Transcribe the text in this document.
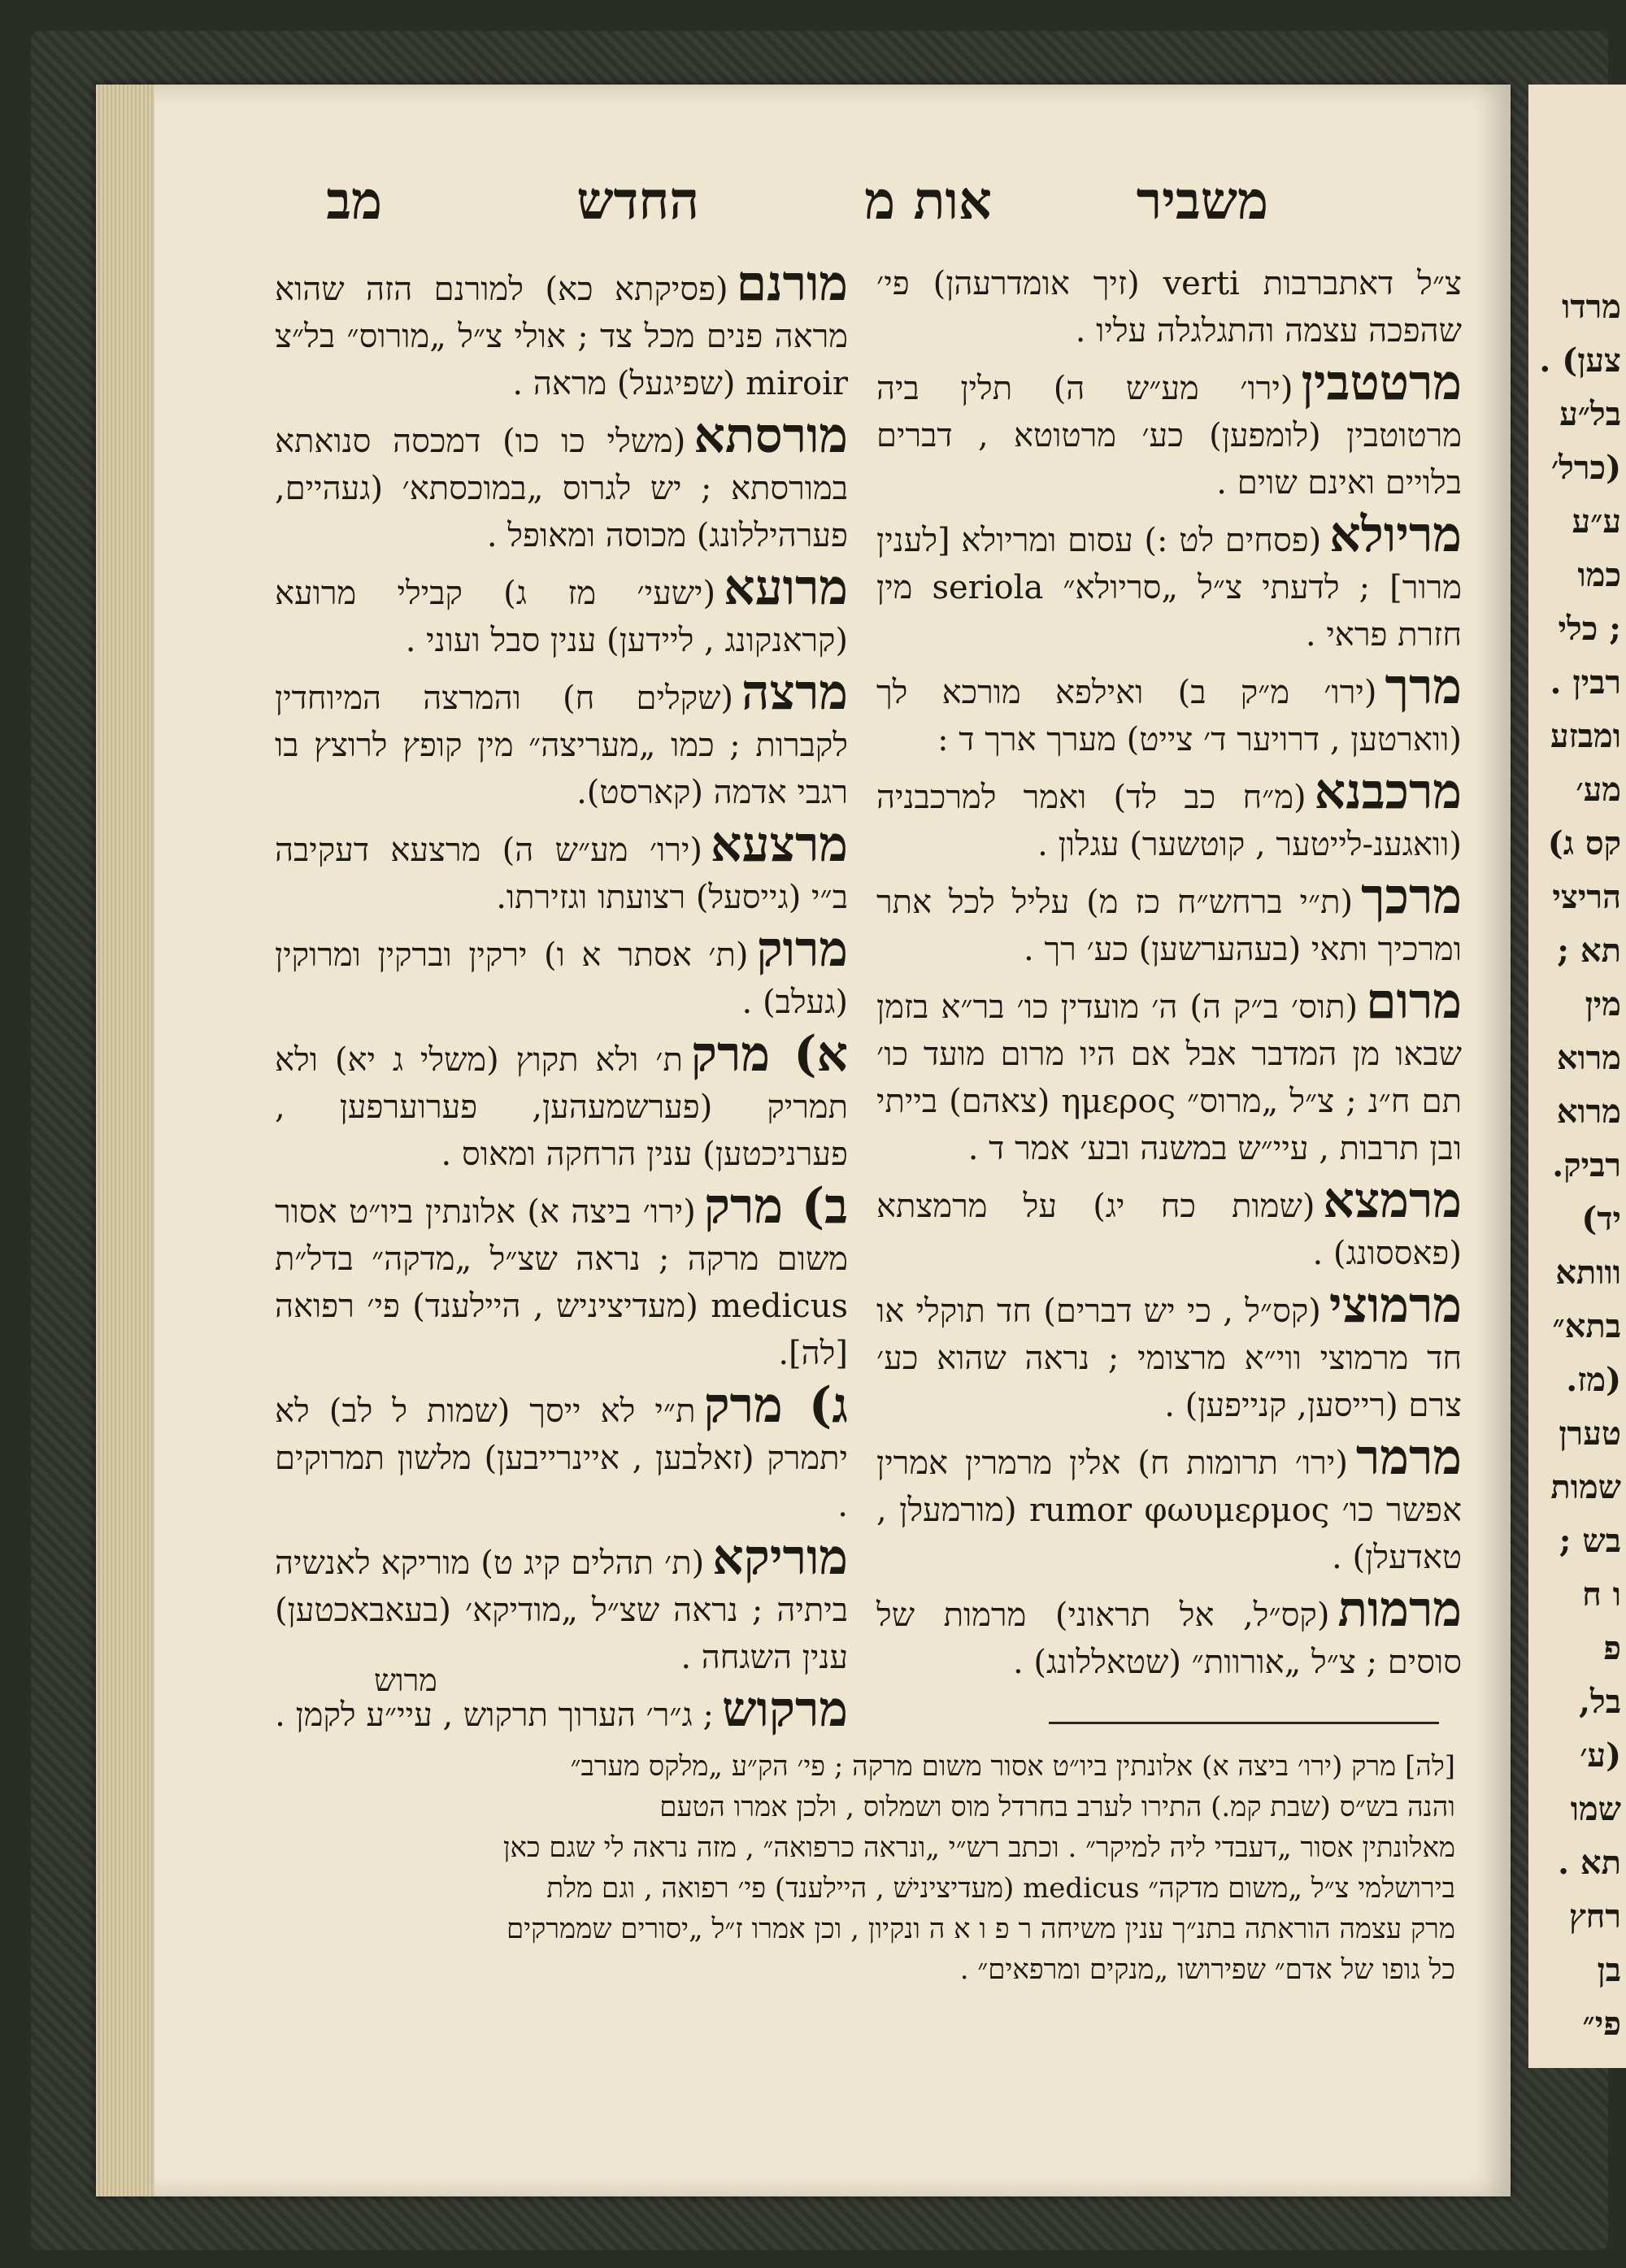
מרדו
צען) .
בל״ע
(כרל׳
ע״ע
כמו
; כלי
רבין .
ומבזע
מע׳
קס ג)
הריצי
תא ;
מין
מרוא
מרוא
רביק.
יד)
ווותא
בתא״
(מז.
טערן
שמות
בש ;
ו ח
פ
בל,
(ע׳
שמו
תא .
רחץ
בן
פי״
משביר
אות מ
החדש
מב
צ״ל דאתברבות verti (זיך אומדרעהן) פי׳ שהפכה עצמה והתגלגלה עליו .
מרטטבין(ירו׳ מע״ש ה) תלין ביה מרטוטבין (לומפען) כע׳ מרטוטא , דברים בלויים ואינם שוים .
מריולא(פסחים לט :) עסום ומריולא [לענין מרור] ; לדעתי צ״ל „סריולא״ seriola מין חזרת פראי .
מרך(ירו׳ מ״ק ב) ואילפא מורכא לך (ווארטען , דרויער ד׳ צייט) מערך ארך ד :
מרכבנא(מ״ח כב לד) ואמר למרכבניה (וואגענ-לייטער , קוטשער) עגלון .
מרכך(ת״י ברחש״ח כז מ) עליל לכל אתר ומרכיך ותאי (בעהערשען) כע׳ רך .
מרום(תוס׳ ב״ק ה) ה׳ מועדין כו׳ בר״א בזמן שבאו מן המדבר אבל אם היו מרום מועד כו׳ תם ח״נ ; צ״ל „מרוס״ ημερος (צאהם) בייתי ובן תרבות , עיי״ש במשנה ובע׳ אמר ד .
מרמצא(שמות כח יג) על מרמצתא (פאססונג) .
מרמוצי(קס״ל , כי יש דברים) חד תוקלי או חד מרמוצי ווי״א מרצומי ; נראה שהוא כע׳ צרם (רייסען, קנייפען) .
מרמר(ירו׳ תרומות ח) אלין מרמרין אמרין אפשר כו׳ rumor φωυμερμος (מורמעלן , טאדעלן) .
מרמות(קס״ל, אל תראוני) מרמות של סוסים ; צ״ל „אורוות״ (שטאללונג) .
מורנם(פסיקתא כא) למורנם הזה שהוא מראה פנים מכל צד ; אולי צ״ל „מורוס״ בל״צ miroir (שפיגעל) מראה .
מורסתא(משלי כו כו) דמכסה סנואתא במורסתא ; יש לגרוס „במוכסתא׳ (געהיים, פערהיללונג) מכוסה ומאופל .
מרועא(ישעי׳ מז ג) קבילי מרועא (קראנקונג , ליידען) ענין סבל ועוני .
מרצה(שקלים ח) והמרצה המיוחדין לקברות ; כמו „מעריצה״ מין קופץ לרוצץ בו רגבי אדמה (קארסט).
מרצעא(ירו׳ מע״ש ה) מרצעא דעקיבה ב״י (גייסעל) רצועתו וגזירתו.
מרוק(ת׳ אסתר א ו) ירקין וברקין ומרוקין (געלב) .
א) מרקת׳ ולא תקוץ (משלי ג יא) ולא תמריק (פערשמעהען, פערוערפען , פערניכטען) ענין הרחקה ומאוס .
ב) מרק(ירו׳ ביצה א) אלונתין ביו״ט אסור משום מרקה ; נראה שצ״ל „מדקה״ בדל״ת medicus (מעדיציניש , היילענד) פי׳ רפואה [לה].
ג) מרקת״י לא ייסך (שמות ל לב) לא יתמרק (זאלבען , איינרייבען) מלשון תמרוקים .
מוריקא(ת׳ תהלים קיג ט) מוריקא לאנשיה ביתיה ; נראה שצ״ל „מודיקא׳ (בעאבאכטען) ענין השגחה .
מרקוש; ג״ר׳ הערוך תרקוש , עיי״ע לקמן .
מרוש
[לה] מרק (ירו׳ ביצה א) אלונתין ביו״ט אסור משום מרקה ; פי׳ הק״ע „מלקס מערב״
והנה בש״ס (שבת קמ.) התירו לערב בחרדל מוס ושמלוס , ולכן אמרו הטעם
מאלונתין אסור „דעבדי ליה למיקר״ . וכתב רש״י „ונראה כרפואה״ , מזה נראה לי שגם כאן
בירושלמי צ״ל „משום מדקה״ medicus (מעדיצינישׁ , היילענד) פי׳ רפואה , וגם מלת
מרק עצמה הוראתה בתנ״ך ענין משיחה ר פ ו א ה ונקיון , וכן אמרו ז״ל „יסורים שממרקים
כל גופו של אדם״ שפירושו „מנקים ומרפאים״ .
